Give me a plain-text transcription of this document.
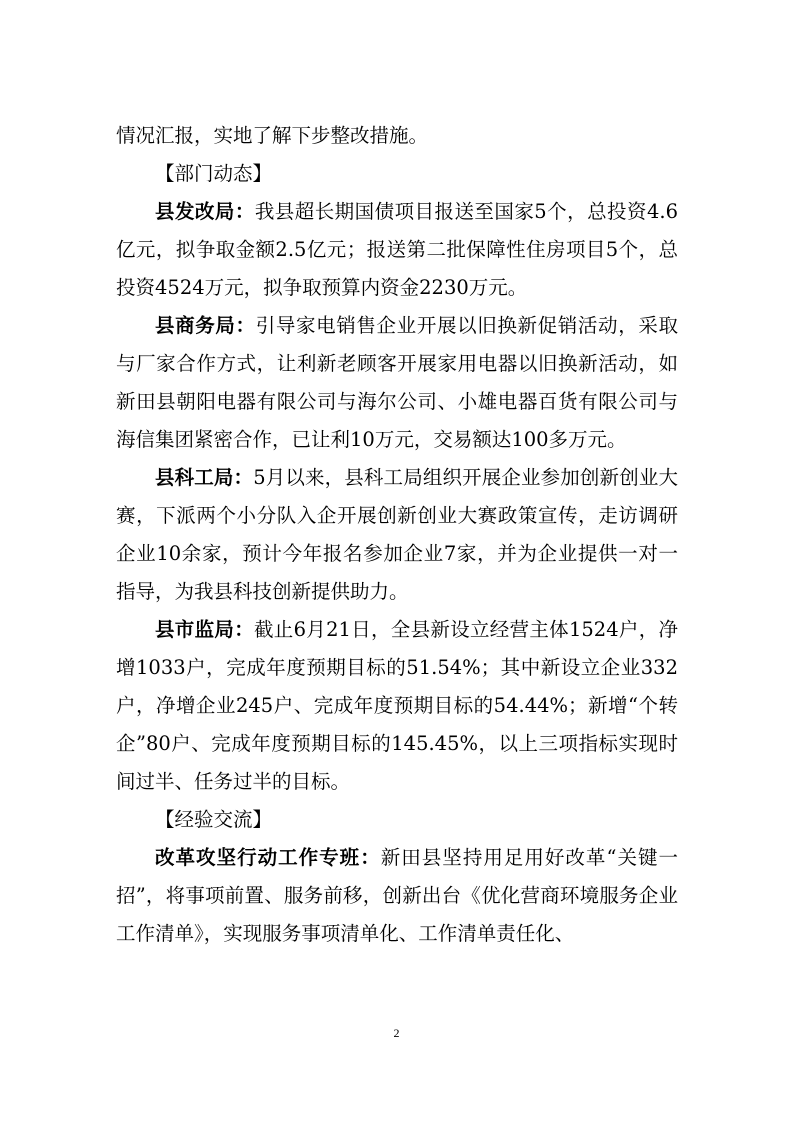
情况汇报，实地了解下步整改措施。

【部门动态】

县发改局：我县超长期国债项目报送至国家5个，总投资4.6亿元，拟争取金额2.5亿元；报送第二批保障性住房项目5个，总投资4524万元，拟争取预算内资金2230万元。

县商务局：引导家电销售企业开展以旧换新促销活动，采取与厂家合作方式，让利新老顾客开展家用电器以旧换新活动，如新田县朝阳电器有限公司与海尔公司、小雄电器百货有限公司与海信集团紧密合作，已让利10万元，交易额达100多万元。

县科工局：5月以来，县科工局组织开展企业参加创新创业大赛，下派两个小分队入企开展创新创业大赛政策宣传，走访调研企业10余家，预计今年报名参加企业7家，并为企业提供一对一指导，为我县科技创新提供助力。

县市监局：截止6月21日，全县新设立经营主体1524户，净增1033户，完成年度预期目标的51.54%；其中新设立企业332户，净增企业245户、完成年度预期目标的54.44%；新增“个转企”80户、完成年度预期目标的145.45%，以上三项指标实现时间过半、任务过半的目标。

【经验交流】

改革攻坚行动工作专班：新田县坚持用足用好改革“关键一招”，将事项前置、服务前移，创新出台《优化营商环境服务企业工作清单》，实现服务事项清单化、工作清单责任化、

2
